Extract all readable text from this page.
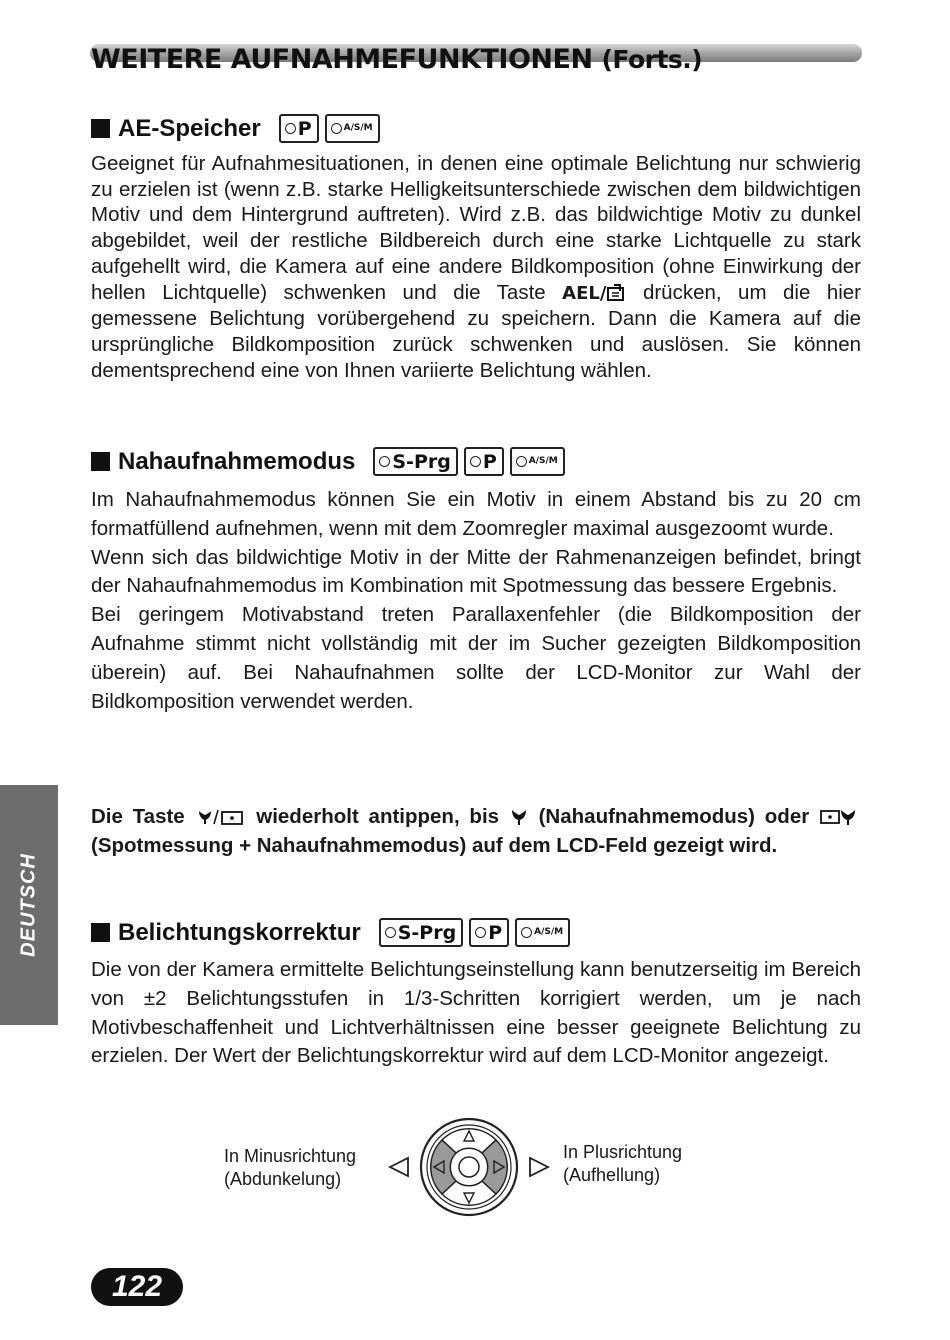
WEITERE AUFNAHMEFUNKTIONEN (Forts.)
AE-Speicher P	A/S/M

Geeignet für Aufnahmesituationen, in denen eine optimale Belichtung nur schwierig zu erzielen ist (wenn z.B. starke Helligkeitsunterschiede zwischen dem bildwichtigen Motiv und dem Hintergrund auftreten). Wird z.B. das bildwichtige Motiv zu dunkel abgebildet, weil der restliche Bildbereich durch eine starke Lichtquelle zu stark aufgehellt wird, die Kamera auf eine andere Bildkomposition (ohne Einwirkung der hellen Lichtquelle) schwenken und die Taste AEL/ drücken, um die hier gemessene Belichtung vorübergehend zu speichern. Dann die Kamera auf die ursprüngliche Bildkomposition zurück schwenken und auslösen. Sie können dementsprechend eine von Ihnen variierte Belichtung wählen.

Nahaufnahmemodus S-Prg P	A/S/M

Im Nahaufnahmemodus können Sie ein Motiv in einem Abstand bis zu 20 cm formatfüllend aufnehmen, wenn mit dem Zoomregler maximal ausgezoomt wurde.

Wenn sich das bildwichtige Motiv in der Mitte der Rahmenanzeigen befindet, bringt der Nahaufnahmemodus im Kombination mit Spotmessung das bessere Ergebnis.

Bei geringem Motivabstand treten Parallaxenfehler (die Bildkomposition der Aufnahme stimmt nicht vollständig mit der im Sucher gezeigten Bildkomposition überein) auf. Bei Nahaufnahmen sollte der LCD-Monitor zur Wahl der Bildkomposition verwendet werden.

Die Taste	wiederholt antippen, bis (Nahaufnahmemodus) oder  (Spotmessung + Nahaufnahmemodus) auf dem LCD-Feld gezeigt wird.

Belichtungskorrektur S-Prg P	A/S/M

Die von der Kamera ermittelte Belichtungseinstellung kann benutzerseitig im Bereich von ±2 Belichtungsstufen in 1/3-Schritten korrigiert werden, um je nach Motivbeschaffenheit und Lichtverhältnissen eine besser geeignete Belichtung zu erzielen. Der Wert der Belichtungskorrektur wird auf dem LCD-Monitor angezeigt.

In Minusrichtung
(Abdunkelung)
In Plusrichtung
(Aufhellung)
DEUTSCH
122
